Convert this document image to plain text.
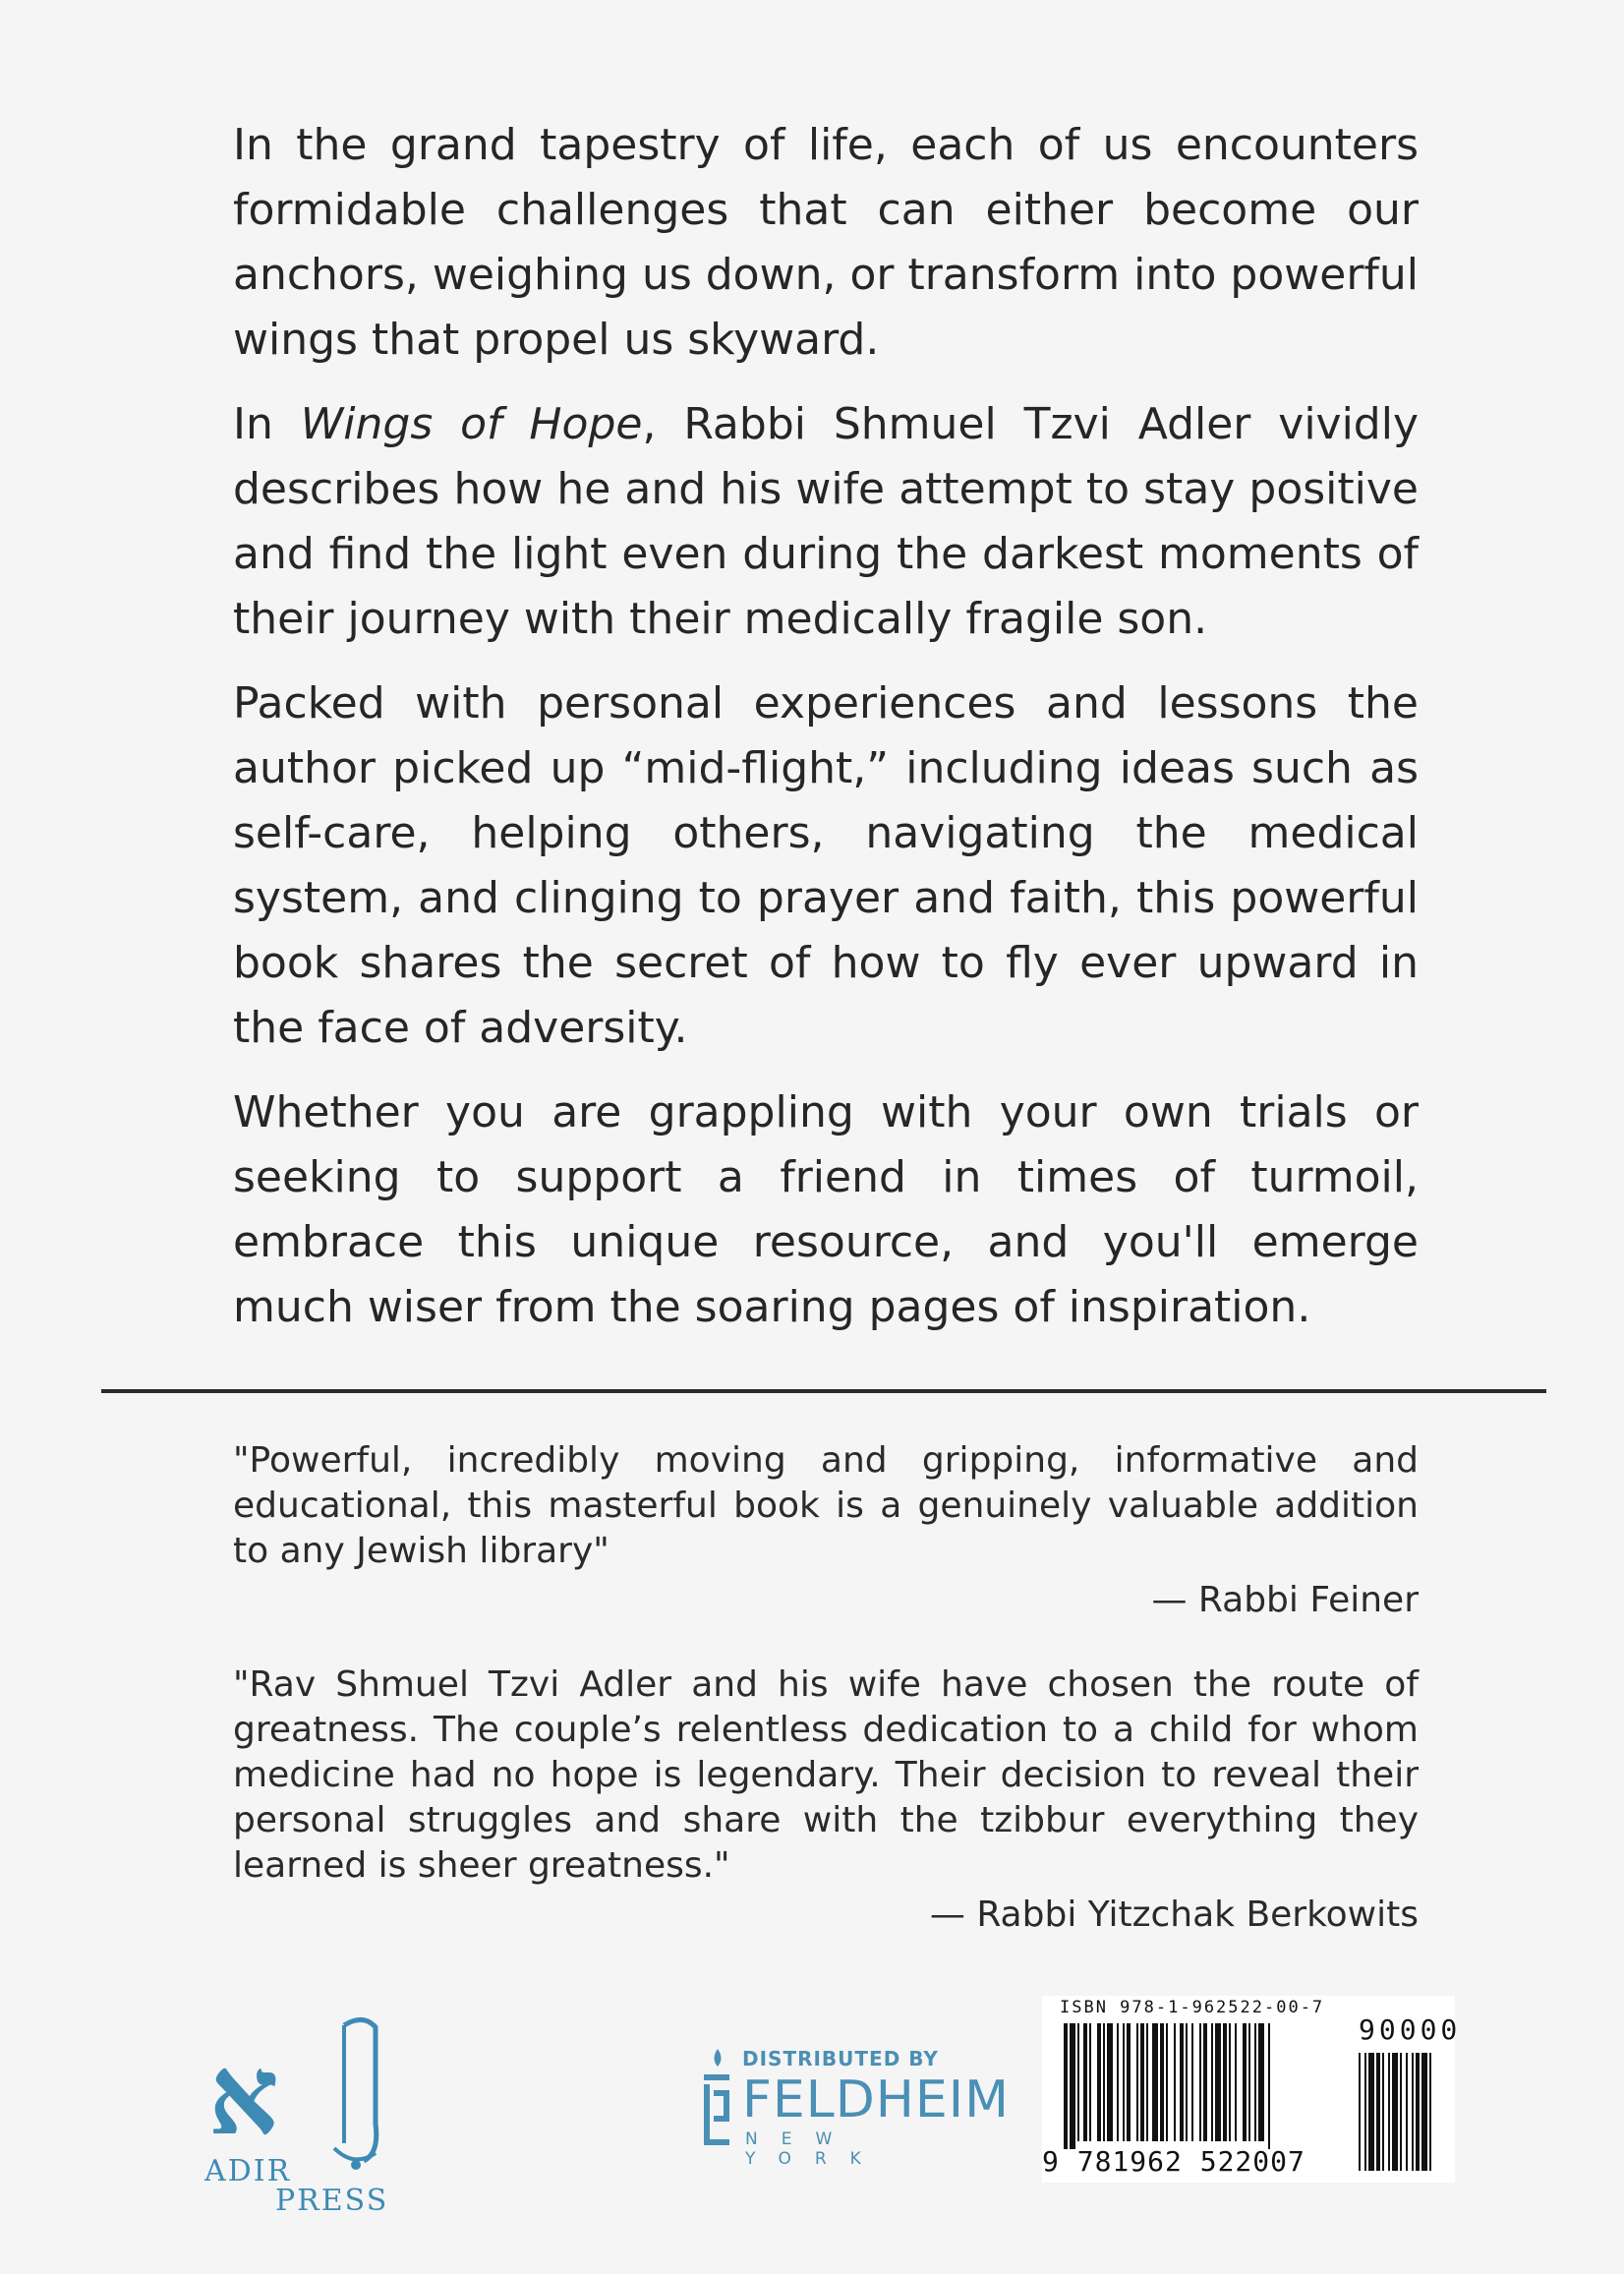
In the grand tapestry of life, each of us encounters formidable challenges that can either become our anchors, weighing us down, or transform into powerful wings that propel us skyward.

In Wings of Hope, Rabbi Shmuel Tzvi Adler vividly describes how he and his wife attempt to stay positive and find the light even during the darkest moments of their journey with their medically fragile son.

Packed with personal experiences and lessons the author picked up “mid-flight,” including ideas such as self-care, helping others, navigating the medical system, and clinging to prayer and faith, this powerful book shares the secret of how to fly ever upward in the face of adversity.

Whether you are grappling with your own trials or seeking to support a friend in times of turmoil, embrace this unique resource, and you'll emerge much wiser from the soaring pages of inspiration.

"Powerful, incredibly moving and gripping, informative and educational, this masterful book is a genuinely valuable addition to any Jewish library"

— Rabbi Feiner

"Rav Shmuel Tzvi Adler and his wife have chosen the route of greatness. The couple’s relentless dedication to a child for whom medicine had no hope is legendary. Their decision to reveal their personal struggles and share with the tzibbur everything they learned is sheer greatness."

— Rabbi Yitzchak Berkowits
א
ADIR
PRESS
DISTRIBUTED BY
FELDHEIM
NEW YORK
ISBN 978-1-962522-00-7
90000
9 781962 522007
